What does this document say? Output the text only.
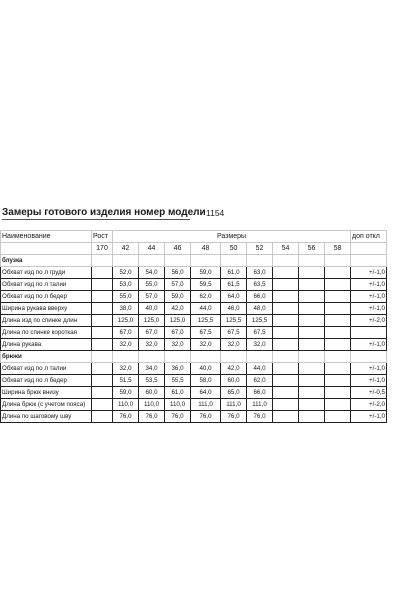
Замеры готового изделия номер модели 1154
Наименование	Рост	Размеры									доп откл
	170	42	44	46	48	50	52	54	56	58	
блузка											
Обхват изд по л груди		52,0	54,0	56,0	59,0	61,0	63,0				+/-1,0
Обхват изд по л талии		53,0	55,0	57,0	59,5	61,5	63,5				+/-1,0
Обхват изд по л бедер		55,0	57,0	59,0	62,0	64,0	66,0				+/-1,0
Ширина рукава вверху		38,0	40,0	42,0	44,0	46,0	48,0				+/-1,0
Длина изд по спинке длин		125,0	125,0	125,0	125,5	125,5	125,5				+/-2,0
Длина по спинке короткая		67,0	67,0	67,0	67,5	67,5	67,5				
Длина рукава		32,0	32,0	32,0	32,0	32,0	32,0				+/-1,0
брюки											
Обхват изд по л талии		32,0	34,0	36,0	40,0	42,0	44,0				+/-1,0
Обхват изд по л бедер		51,5	53,5	55,5	58,0	60,0	62,0				+/-1,0
Ширина брюк внизу		59,0	60,0	61,0	64,0	65,0	66,0				+/-0,5
Длина брюк (с учетом пояса)		110,0	110,0	110,0	111,0	111,0	111,0				+/-2,0
Длина по шаговому шву		76,0	76,0	76,0	76,0	76,0	76,0				+/-1,0
